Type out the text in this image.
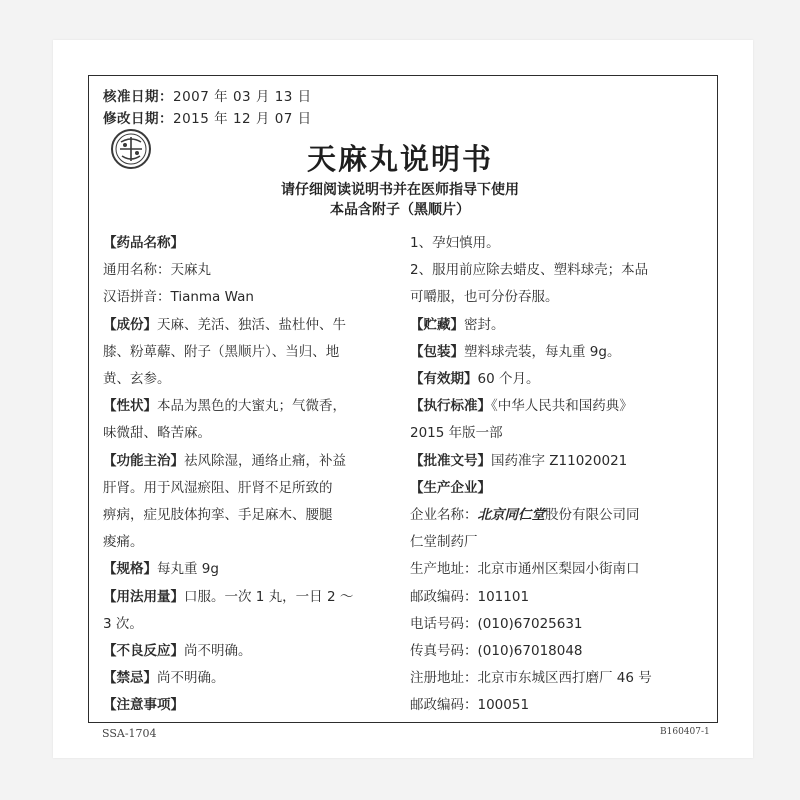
核准日期：2007 年 03 月 13 日
修改日期：2015 年 12 月 07 日
天麻丸说明书
请仔细阅读说明书并在医师指导下使用
本品含附子（黑顺片）
【药品名称】
通用名称：天麻丸
汉语拼音：Tianma Wan
【成份】天麻、羌活、独活、盐杜仲、牛
膝、粉萆薢、附子（黑顺片）、当归、地
黄、玄参。
【性状】本品为黑色的大蜜丸；气微香，
味微甜、略苦麻。
【功能主治】祛风除湿，通络止痛，补益
肝肾。用于风湿瘀阻、肝肾不足所致的
痹病，症见肢体拘挛、手足麻木、腰腿
痠痛。
【规格】每丸重 9g
【用法用量】口服。一次 1 丸，一日 2 ～
3 次。
【不良反应】尚不明确。
【禁忌】尚不明确。
【注意事项】
1、孕妇慎用。
2、服用前应除去蜡皮、塑料球壳；本品
可嚼服，也可分份吞服。
【贮藏】密封。
【包装】塑料球壳装，每丸重 9g。
【有效期】60 个月。
【执行标准】《中华人民共和国药典》
2015 年版一部
【批准文号】国药准字 Z11020021
【生产企业】
企业名称：北京同仁堂股份有限公司同
仁堂制药厂
生产地址：北京市通州区梨园小街南口
邮政编码：101101
电话号码：(010)67025631
传真号码：(010)67018048
注册地址：北京市东城区西打磨厂 46 号
邮政编码：100051
SSA-1704	B160407-1
